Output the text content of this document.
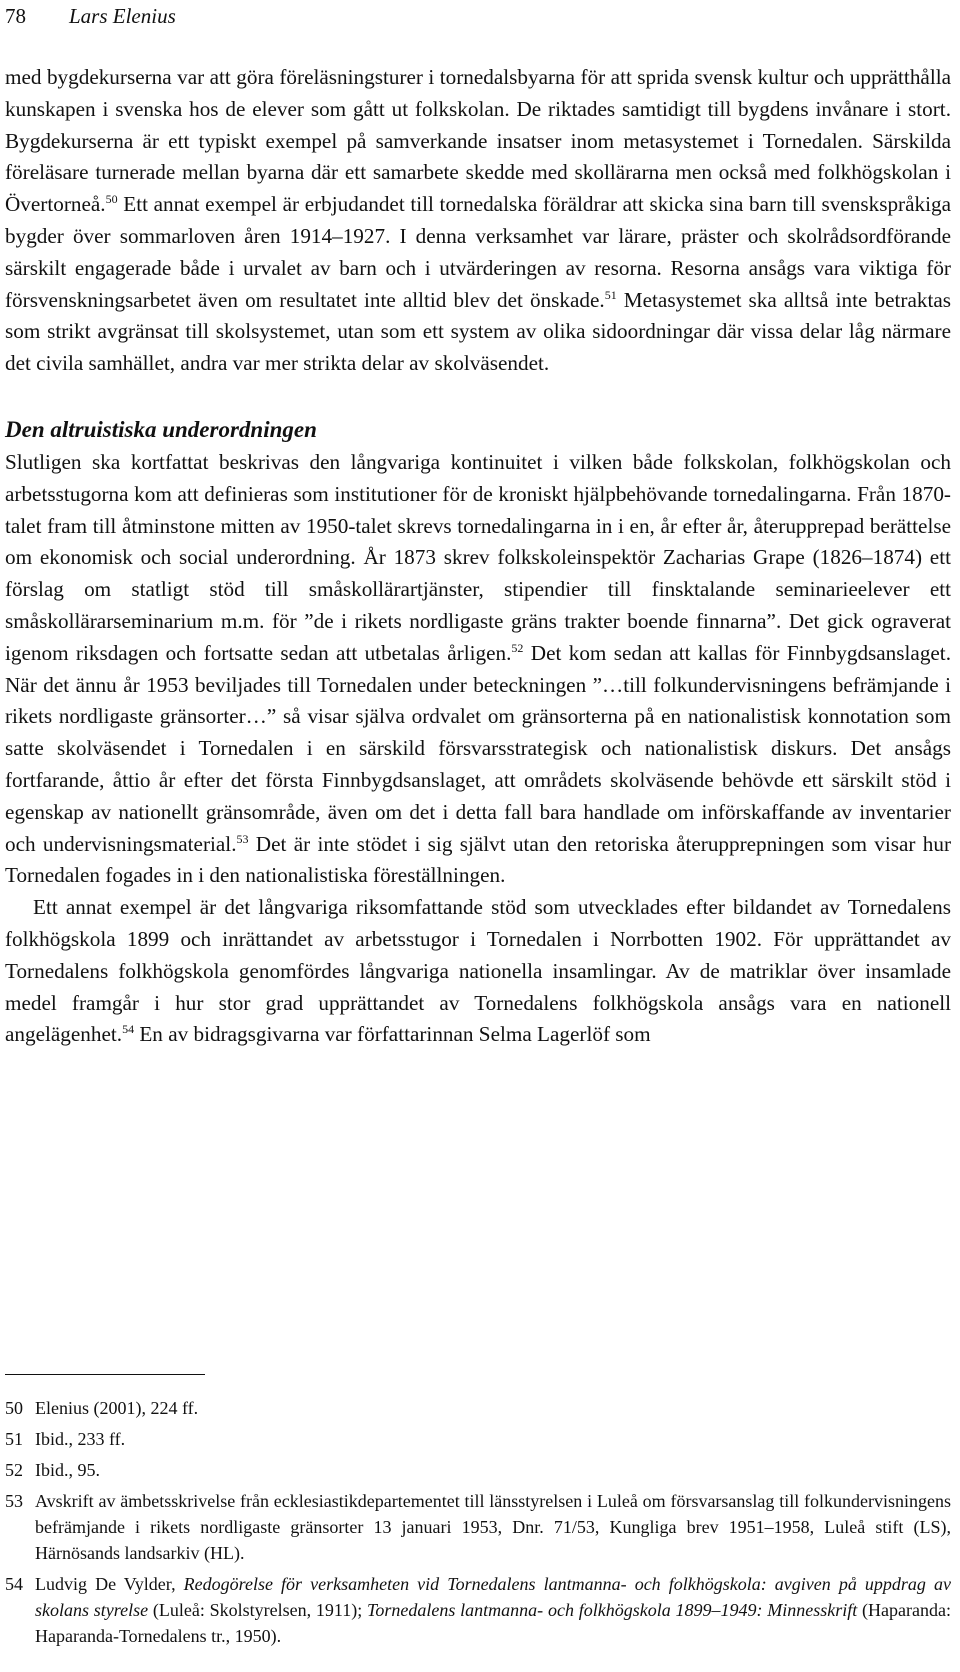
78 Lars Elenius

med bygdekurserna var att göra föreläsningsturer i tornedalsbyarna för att sprida svensk kultur och upprätthålla kunskapen i svenska hos de elever som gått ut folkskolan. De riktades samtidigt till bygdens invånare i stort. Bygdekurserna är ett typiskt exempel på samverkande insatser inom metasystemet i Tornedalen. Särskilda föreläsare turnerade mellan byarna där ett samarbete skedde med skollärarna men också med folkhögskolan i Övertorneå.$^{50}$ Ett annat exempel är erbjudandet till tornedalska föräldrar att skicka sina barn till svenskspråkiga bygder över sommarloven åren 1914–1927. I denna verksamhet var lärare, präster och skolrådsordförande särskilt engagerade både i urvalet av barn och i utvärderingen av resorna. Resorna ansågs vara viktiga för försvenskningsarbetet även om resultatet inte alltid blev det önskade.$^{51}$ Metasystemet ska alltså inte betraktas som strikt avgränsat till skolsystemet, utan som ett system av olika sidoordningar där vissa delar låg närmare det civila samhället, andra var mer strikta delar av skolväsendet.

Den altruistiska underordningen

Slutligen ska kortfattat beskrivas den långvariga kontinuitet i vilken både folkskolan, folkhögskolan och arbetsstugorna kom att definieras som institutioner för de kroniskt hjälpbehövande tornedalingarna. Från 1870-talet fram till åtminstone mitten av 1950-talet skrevs tornedalingarna in i en, år efter år, återupprepad berättelse om ekonomisk och social underordning. År 1873 skrev folkskoleinspektör Zacharias Grape (1826–1874) ett förslag om statligt stöd till småskollärartjänster, stipendier till finsktalande seminarieelever ett småskollärarseminarium m.m. för ”de i rikets nordligaste gräns trakter boende finnarna”. Det gick ograverat igenom riksdagen och fortsatte sedan att utbetalas årligen.$^{52}$ Det kom sedan att kallas för Finnbygdsanslaget. När det ännu år 1953 beviljades till Tornedalen under beteckningen ”…till folkundervisningens befrämjande i rikets nordligaste gränsorter…” så visar själva ordvalet om gränsorterna på en nationalistisk konnotation som satte skolväsendet i Tornedalen i en särskild försvarsstrategisk och nationalistisk diskurs. Det ansågs fortfarande, åttio år efter det första Finnbygdsanslaget, att områdets skolväsende behövde ett särskilt stöd i egenskap av nationellt gränsområde, även om det i detta fall bara handlade om införskaffande av inventarier och undervisningsmaterial.$^{53}$ Det är inte stödet i sig självt utan den retoriska återupprepningen som visar hur Tornedalen fogades in i den nationalistiska föreställningen.

Ett annat exempel är det långvariga riksomfattande stöd som utvecklades efter bildandet av Tornedalens folkhögskola 1899 och inrättandet av arbetsstugor i Tornedalen i Norrbotten 1902. För upprättandet av Tornedalens folkhögskola genomfördes långvariga nationella insamlingar. Av de matriklar över insamlade medel framgår i hur stor grad upprättandet av Tornedalens folkhögskola ansågs vara en nationell angelägenhet.$^{54}$ En av bidragsgivarna var författarinnan Selma Lagerlöf som

50 Elenius (2001), 224 ff.
51 Ibid., 233 ff.
52 Ibid., 95.
53 Avskrift av ämbetsskrivelse från ecklesiastikdepartementet till länsstyrelsen i Luleå om försvarsanslag till folkundervisningens befrämjande i rikets nordligaste gränsorter 13 januari 1953, Dnr. 71/53, Kungliga brev 1951–1958, Luleå stift (LS), Härnösands landsarkiv (HL).
54 Ludvig De Vylder, Redogörelse för verksamheten vid Tornedalens lantmanna- och folkhögskola: avgiven på uppdrag av skolans styrelse (Luleå: Skolstyrelsen, 1911); Tornedalens lantmanna- och folkhögskola 1899–1949: Minnesskrift (Haparanda: Haparanda-Tornedalens tr., 1950).
